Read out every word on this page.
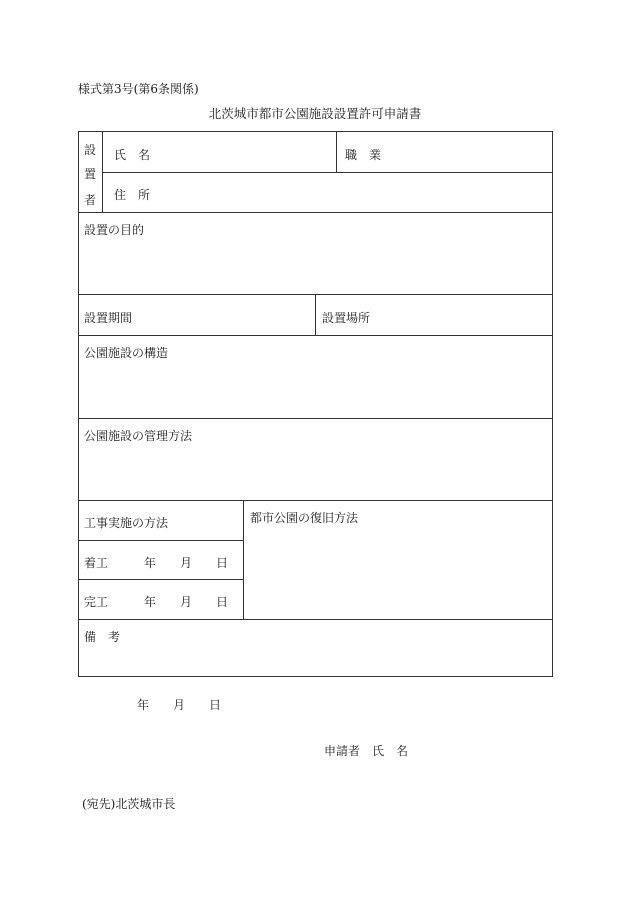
様式第3号(第6条関係)
北茨城市都市公園施設設置許可申請書
設
置
者
氏　名	職　業
住　所
設置の目的
設置期間	設置場所
公園施設の構造
公園施設の管理方法
工事実施の方法	都市公園の復旧方法
着工　　　年　　月　　日
完工　　　年　　月　　日
備　考
年　　月　　日
申請者　氏　名
(宛先)北茨城市長
